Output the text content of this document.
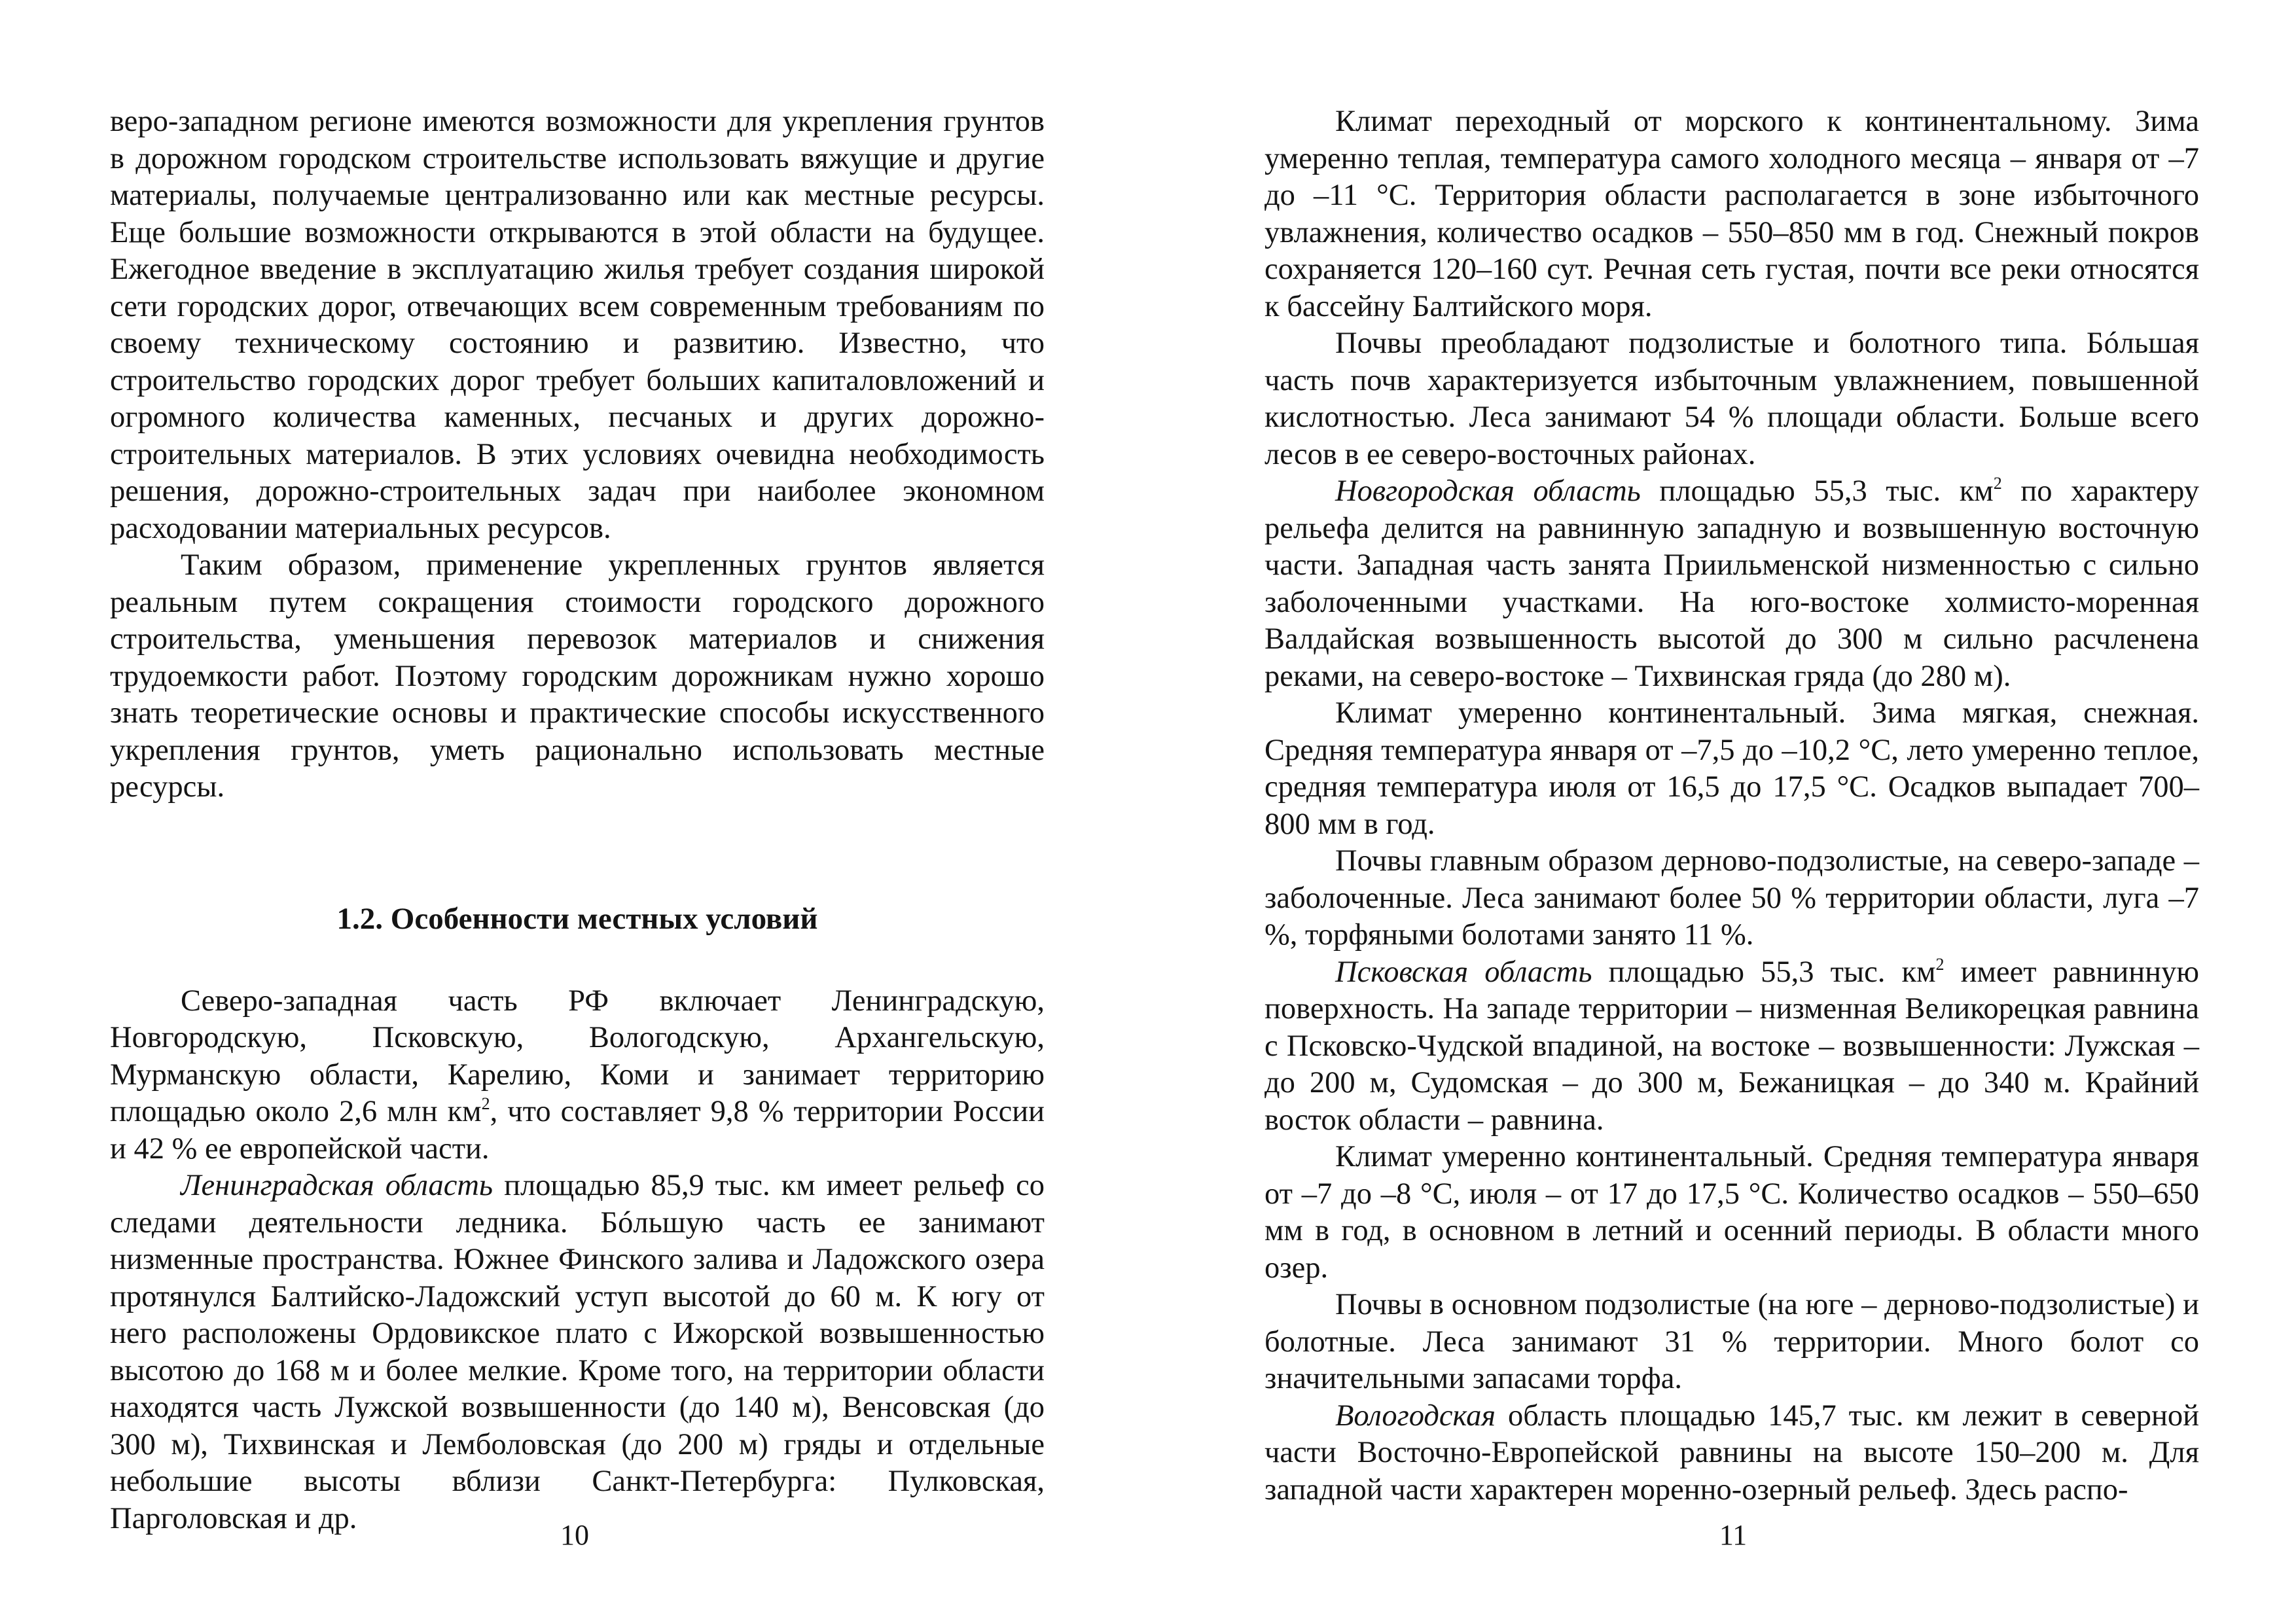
веро-западном регионе имеются возможности для укрепления грунтов в дорожном городском строительстве использовать вяжущие и другие материалы, получаемые централизованно или как местные ресурсы. Еще большие возможности открываются в этой области на будущее. Ежегодное введение в эксплуатацию жилья требует создания широкой сети городских дорог, отвечающих всем современным требованиям по своему техническому состоянию и развитию. Известно, что строительство городских дорог требует больших капиталовложений и огромного количества каменных, песчаных и других дорожно-строительных материалов. В этих условиях очевидна необходимость решения, дорожно-строительных задач при наиболее экономном расходовании материальных ресурсов.

Таким образом, применение укрепленных грунтов является реальным путем сокращения стоимости городского дорожного строительства, уменьшения перевозок материалов и снижения трудоемкости работ. Поэтому городским дорожникам нужно хорошо знать теоретические основы и практические способы искусственного укрепления грунтов, уметь рационально использовать местные ресурсы.

1.2. Особенности местных условий

Северо-западная часть РФ включает Ленинградскую, Новгородскую, Псковскую, Вологодскую, Архангельскую, Мурманскую области, Карелию, Коми и занимает территорию площадью около 2,6 млн $км^2$, что составляет 9,8 % территории России и 42 % ее европейской части.

Ленинградская область площадью 85,9 тыс. км имеет рельеф со следами деятельности ледника. Бóльшую часть ее занимают низменные пространства. Южнее Финского залива и Ладожского озера протянулся Балтийско-Ладожский уступ высотой до 60 м. К югу от него расположены Ордовикское плато с Ижорской возвышенностью высотою до 168 м и более мелкие. Кроме того, на территории области находятся часть Лужской возвышенности (до 140 м), Венсовская (до 300 м), Тихвинская и Лемболовская (до 200 м) гряды и отдельные небольшие высоты вблизи Санкт-Петербурга: Пулковская, Парголовская и др.	10

Климат переходный от морского к континентальному. Зима умеренно теплая, температура самого холодного месяца – января от –7 до –11 °С. Территория области располагается в зоне избыточного увлажнения, количество осадков – 550–850 мм в год. Снежный покров сохраняется 120–160 сут. Речная сеть густая, почти все реки относятся к бассейну Балтийского моря.

Почвы преобладают подзолистые и болотного типа. Бóльшая часть почв характеризуется избыточным увлажнением, повышенной кислотностью. Леса занимают 54 % площади области. Больше всего лесов в ее северо-восточных районах.

Новгородская область площадью 55,3 тыс. $км^2$ по характеру рельефа делится на равнинную западную и возвышенную восточную части. Западная часть занята Приильменской низменностью с сильно заболоченными участками. На юго-востоке холмисто-моренная Валдайская возвышенность высотой до 300 м сильно расчленена реками, на северо-востоке – Тихвинская гряда (до 280 м).

Климат умеренно континентальный. Зима мягкая, снежная. Средняя температура января от –7,5 до –10,2 °С, лето умеренно теплое, средняя температура июля от 16,5 до 17,5 °С. Осадков выпадает 700–800 мм в год.

Почвы главным образом дерново-подзолистые, на северо-западе – заболоченные. Леса занимают более 50 % территории области, луга –7 %, торфяными болотами занято 11 %.

Псковская область площадью 55,3 тыс. $км^2$ имеет равнинную поверхность. На западе территории – низменная Великорецкая равнина с Псковско-Чудской впадиной, на востоке – возвышенности: Лужская – до 200 м, Судомская – до 300 м, Бежаницкая – до 340 м. Крайний восток области – равнина.

Климат умеренно континентальный. Средняя температура января от –7 до –8 °С, июля – от 17 до 17,5 °С. Количество осадков – 550–650 мм в год, в основном в летний и осенний периоды. В области много озер.

Почвы в основном подзолистые (на юге – дерново-подзолистые) и болотные. Леса занимают 31 % территории. Много болот со значительными запасами торфа.

Вологодская область площадью 145,7 тыс. км лежит в северной части Восточно-Европейской равнины на высоте 150–200 м. Для западной части характерен моренно-озерный рельеф. Здесь распо-

11
